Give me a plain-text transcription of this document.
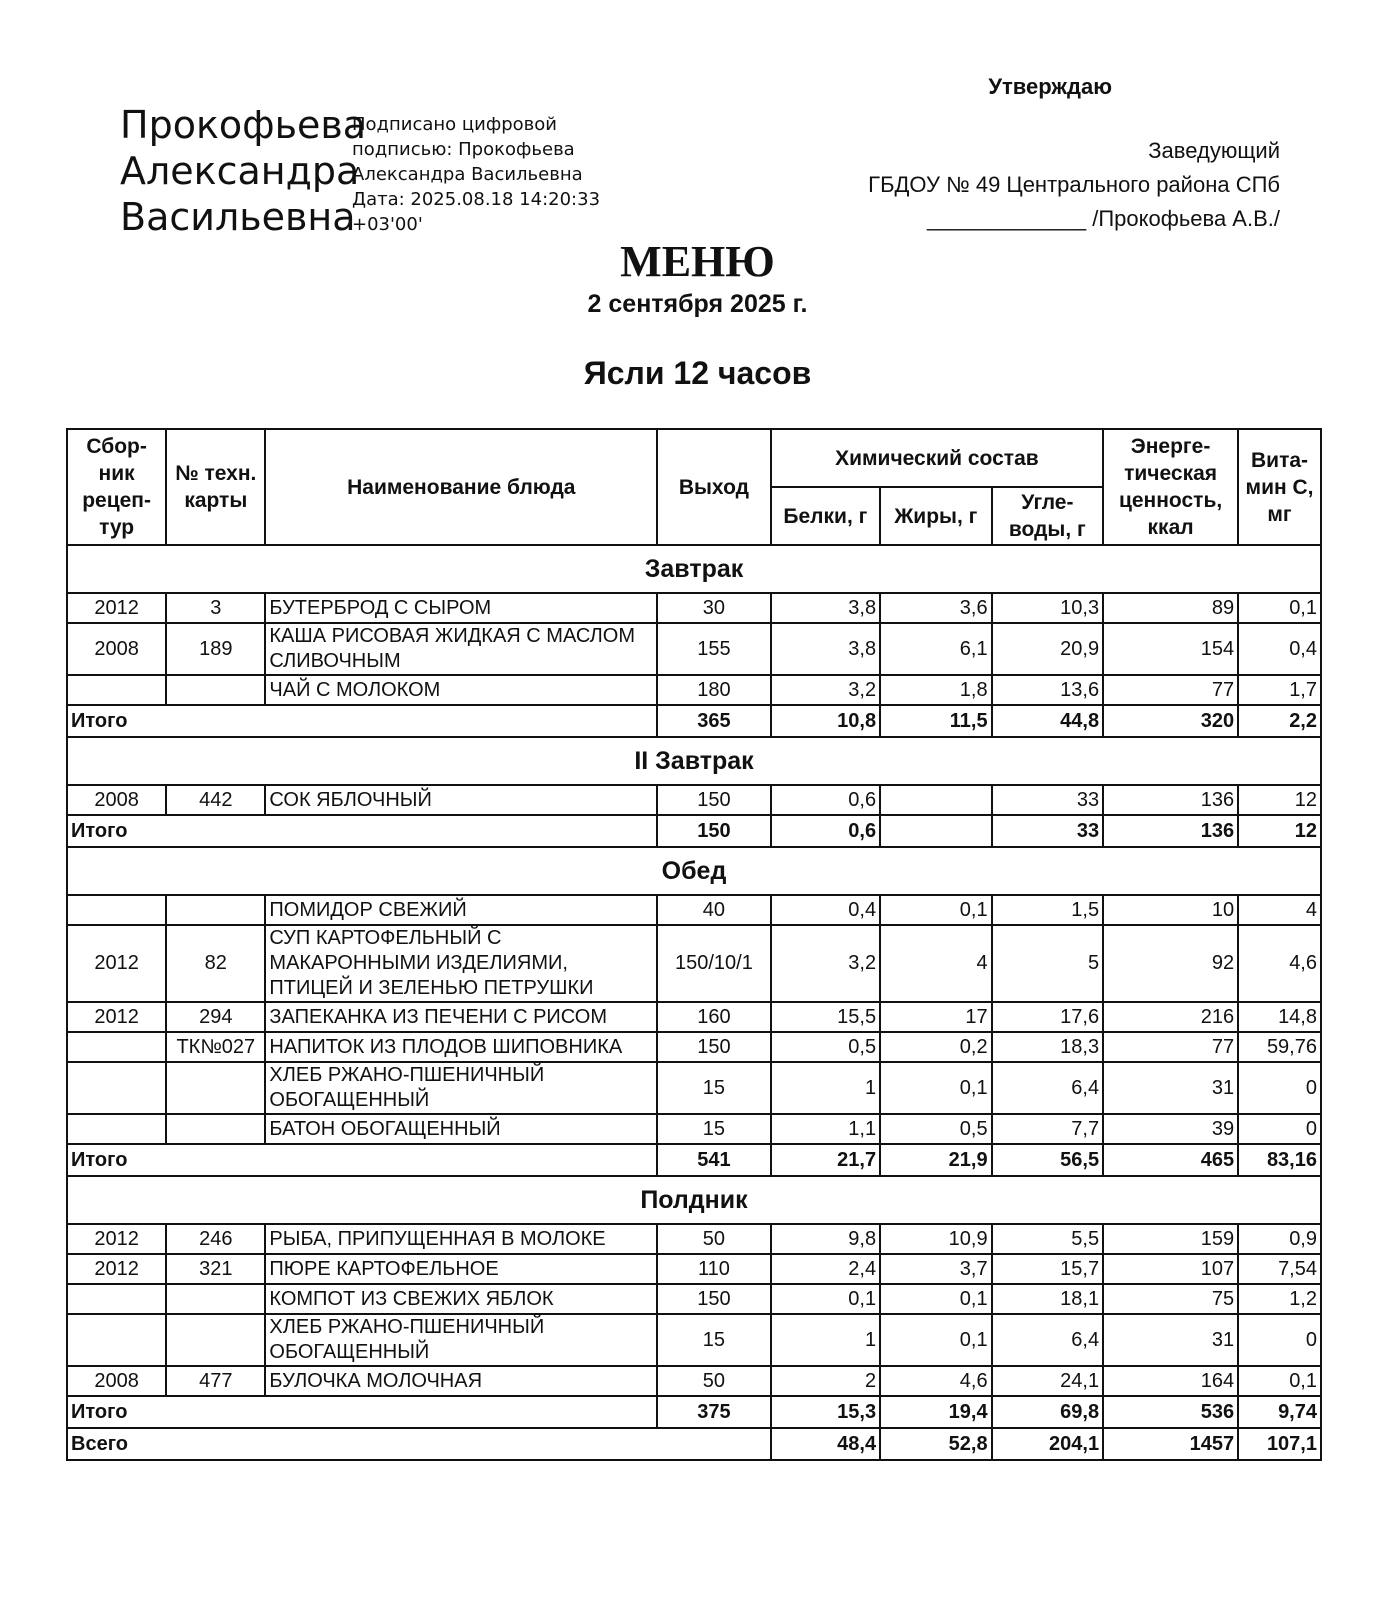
Прокофьева
Александра
Васильевна
Подписано цифровой
подписью: Прокофьева
Александра Васильевна
Дата: 2025.08.18 14:20:33
+03'00'
Утверждаю
Заведующий
ГБДОУ № 49 Центрального района СПб
_____________ /Прокофьева А.В./
МЕНЮ
2 сентября 2025 г.
Ясли 12 часов
Сбор-ник рецеп-тур	№ техн. карты	Наименование блюда	Выход	Химический состав			Энерге-тическая ценность, ккал	Вита-мин С, мг
				Белки, г	Жиры, г	Угле-воды, г		
Завтрак								
2012	3	БУТЕРБРОД С СЫРОМ	30	3,8	3,6	10,3	89	0,1
2008	189	КАША РИСОВАЯ ЖИДКАЯ С МАСЛОМ СЛИВОЧНЫМ	155	3,8	6,1	20,9	154	0,4
		ЧАЙ С МОЛОКОМ	180	3,2	1,8	13,6	77	1,7
Итого			365	10,8	11,5	44,8	320	2,2
II Завтрак								
2008	442	СОК ЯБЛОЧНЫЙ	150	0,6		33	136	12
Итого			150	0,6		33	136	12
Обед								
		ПОМИДОР СВЕЖИЙ	40	0,4	0,1	1,5	10	4
2012	82	СУП КАРТОФЕЛЬНЫЙ С МАКАРОННЫМИ ИЗДЕЛИЯМИ, ПТИЦЕЙ И ЗЕЛЕНЬЮ ПЕТРУШКИ	150/10/1	3,2	4	5	92	4,6
2012	294	ЗАПЕКАНКА ИЗ ПЕЧЕНИ С РИСОМ	160	15,5	17	17,6	216	14,8
	ТК№027	НАПИТОК ИЗ ПЛОДОВ ШИПОВНИКА	150	0,5	0,2	18,3	77	59,76
		ХЛЕБ РЖАНО-ПШЕНИЧНЫЙ ОБОГАЩЕННЫЙ	15	1	0,1	6,4	31	0
		БАТОН ОБОГАЩЕННЫЙ	15	1,1	0,5	7,7	39	0
Итого			541	21,7	21,9	56,5	465	83,16
Полдник								
2012	246	РЫБА, ПРИПУЩЕННАЯ В МОЛОКЕ	50	9,8	10,9	5,5	159	0,9
2012	321	ПЮРЕ КАРТОФЕЛЬНОЕ	110	2,4	3,7	15,7	107	7,54
		КОМПОТ ИЗ СВЕЖИХ ЯБЛОК	150	0,1	0,1	18,1	75	1,2
		ХЛЕБ РЖАНО-ПШЕНИЧНЫЙ ОБОГАЩЕННЫЙ	15	1	0,1	6,4	31	0
2008	477	БУЛОЧКА МОЛОЧНАЯ	50	2	4,6	24,1	164	0,1
Итого			375	15,3	19,4	69,8	536	9,74
Всего				48,4	52,8	204,1	1457	107,1
